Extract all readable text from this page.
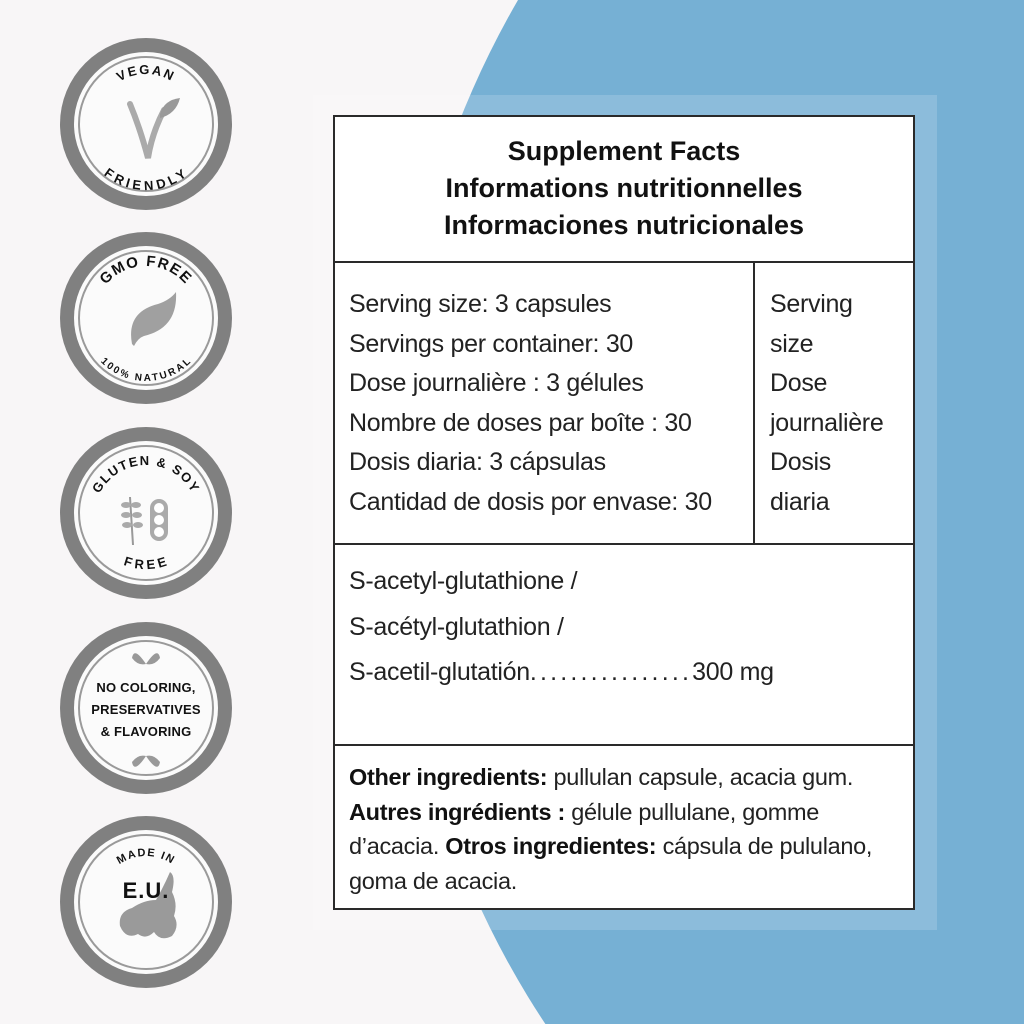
VEGAN
FRIENDLY
GMO FREE
100% NATURAL
GLUTEN & SOY
FREE
NO COLORING,
PRESERVATIVES
& FLAVORING
MADE IN
E.U.
Supplement Facts
Informations nutritionnelles
Informaciones nutricionales
Serving size: 3 capsules
Servings per container: 30
Dose journalière : 3 gélules
Nombre de doses par boîte : 30
Dosis diaria: 3 cápsulas
Cantidad de dosis por envase: 30
Serving
size
Dose
journalière
Dosis
diaria
S-acetyl-glutathione /
S-acétyl-glutathion /
S-acetil-glutatión................300 mg
Other ingredients: pullulan capsule, acacia gum. Autres ingrédients : gélule pullulane, gomme d’acacia. Otros ingredientes: cápsula de pululano, goma de acacia.
